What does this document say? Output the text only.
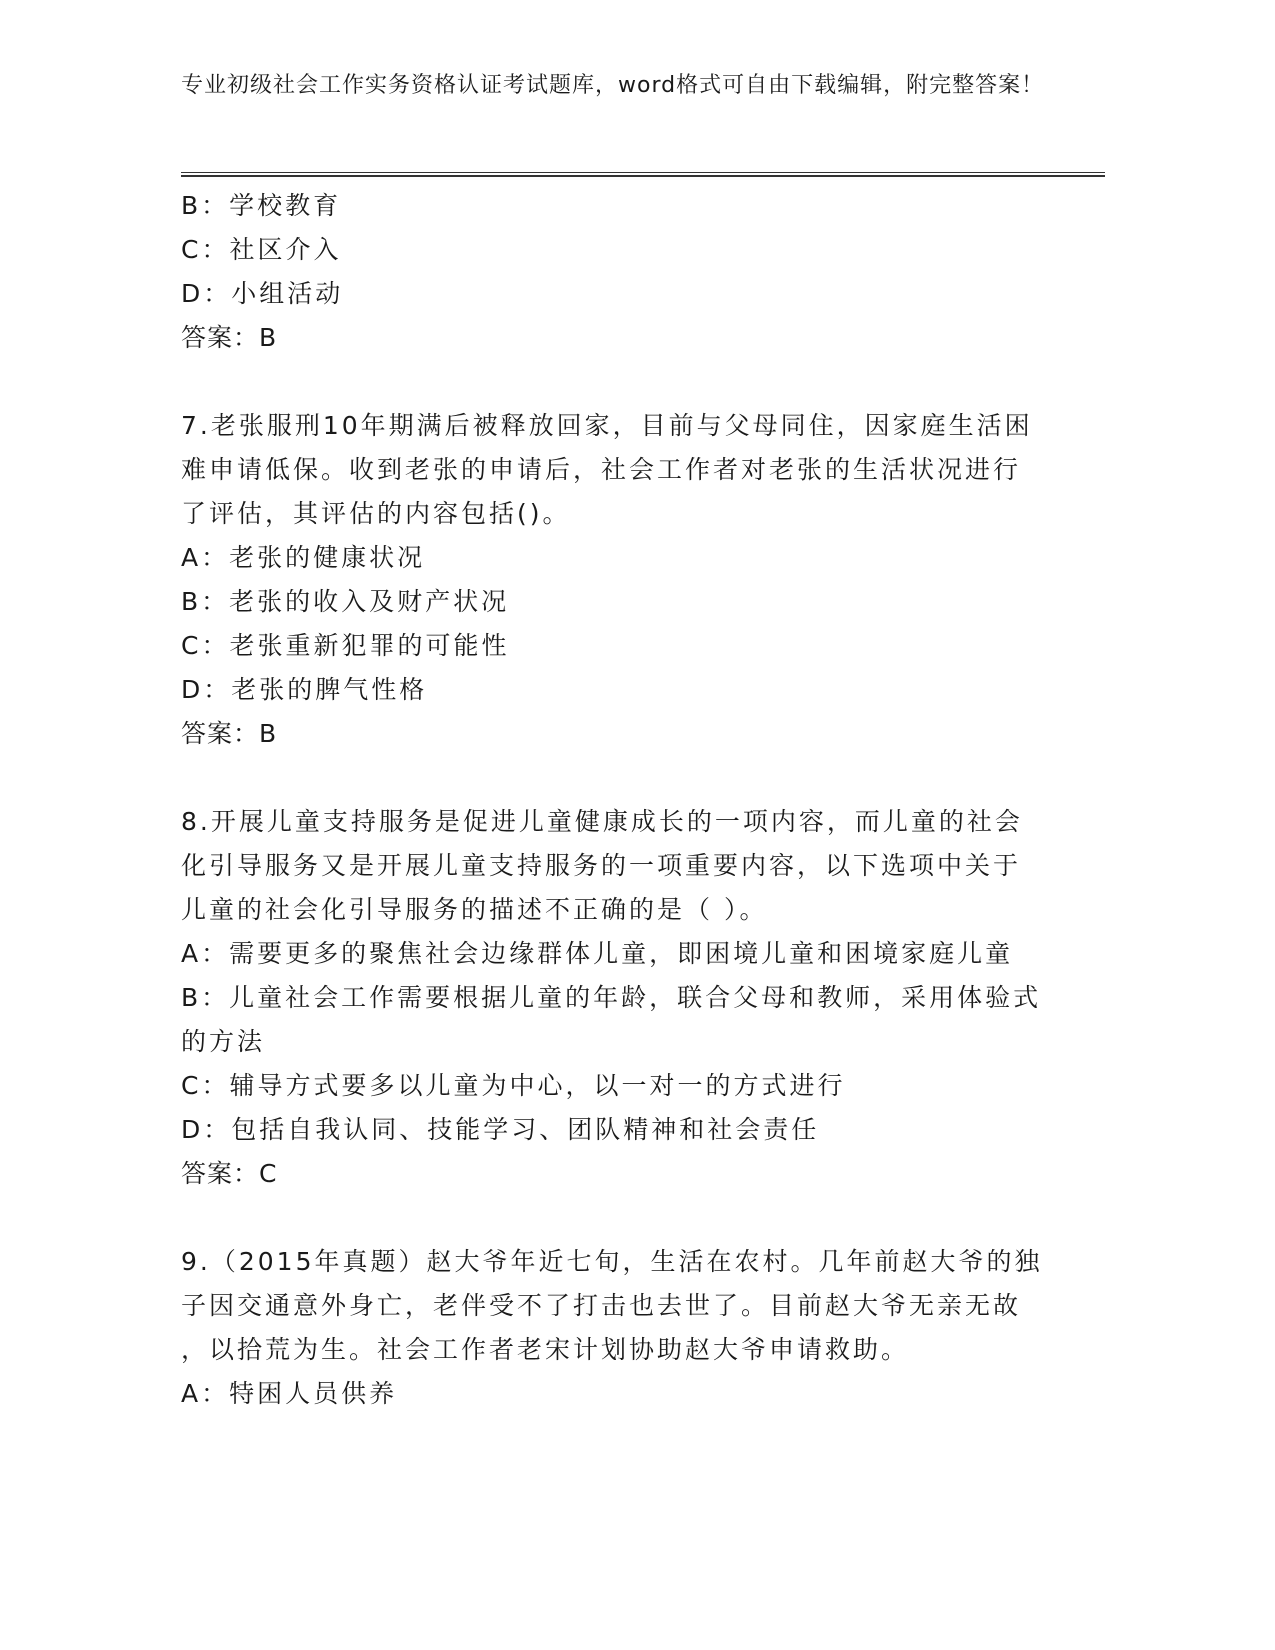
专业初级社会工作实务资格认证考试题库，word格式可自由下载编辑，附完整答案！

B：学校教育

C：社区介入

D：小组活动

答案：B

7.老张服刑10年期满后被释放回家，目前与父母同住，因家庭生活困

难申请低保。收到老张的申请后，社会工作者对老张的生活状况进行

了评估，其评估的内容包括()。

A：老张的健康状况

B：老张的收入及财产状况

C：老张重新犯罪的可能性

D：老张的脾气性格

答案：B

8.开展儿童支持服务是促进儿童健康成长的一项内容，而儿童的社会

化引导服务又是开展儿童支持服务的一项重要内容，以下选项中关于

儿童的社会化引导服务的描述不正确的是（ ）。

A：需要更多的聚焦社会边缘群体儿童，即困境儿童和困境家庭儿童

B：儿童社会工作需要根据儿童的年龄，联合父母和教师，采用体验式

的方法

C：辅导方式要多以儿童为中心，以一对一的方式进行

D：包括自我认同、技能学习、团队精神和社会责任

答案：C

9.（2015年真题）赵大爷年近七旬，生活在农村。几年前赵大爷的独

子因交通意外身亡，老伴受不了打击也去世了。目前赵大爷无亲无故

，以拾荒为生。社会工作者老宋计划协助赵大爷申请救助。

A：特困人员供养
